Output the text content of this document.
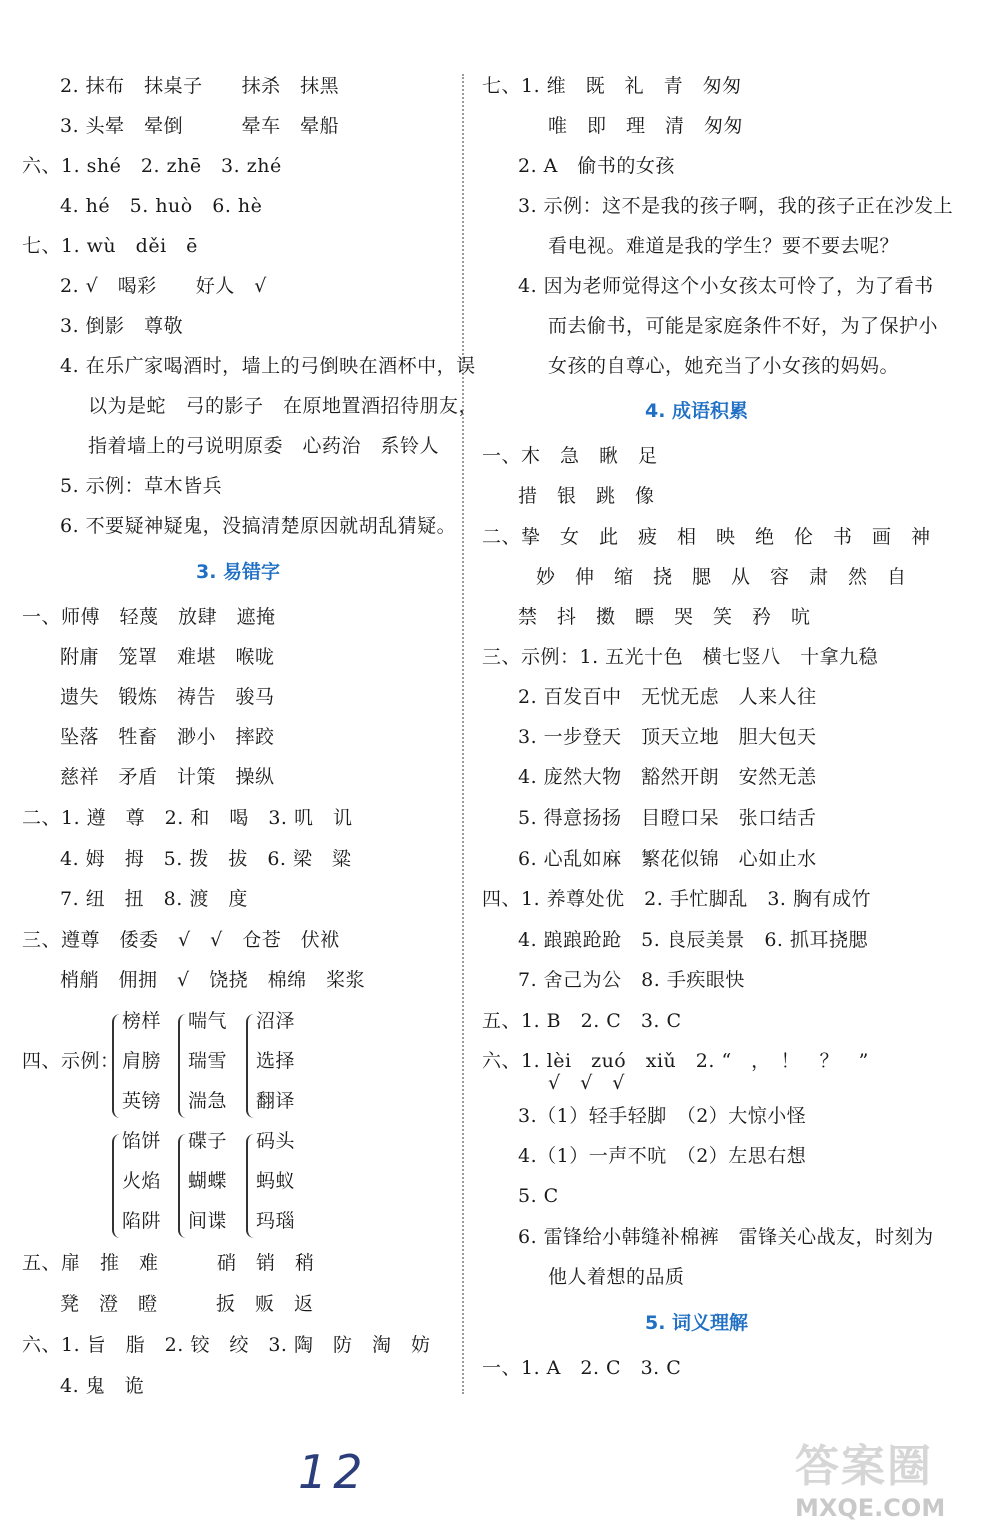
2. 抹布　抹桌子　　抹杀　抹黑
3. 头晕　晕倒　　　晕车　晕船
六、1. shé　2. zhē　3. zhé
4. hé　5. huò　6. hè
七、1. wù　děi　ē
2. √　喝彩　　好人　√
3. 倒影　尊敬
4. 在乐广家喝酒时，墙上的弓倒映在酒杯中，误
以为是蛇　弓的影子　在原地置酒招待朋友，
指着墙上的弓说明原委　心药治　系铃人
5. 示例：草木皆兵
6. 不要疑神疑鬼，没搞清楚原因就胡乱猜疑。
3. 易错字
一、师傅　轻蔑　放肆　遮掩
附庸　笼罩　难堪　喉咙
遗失　锻炼　祷告　骏马
坠落　牲畜　渺小　摔跤
慈祥　矛盾　计策　操纵
二、1. 遵　尊　2. 和　喝　3. 叽　讥
4. 姆　拇　5. 拨　拔　6. 梁　粱
7. 纽　扭　8. 渡　度
三、遵尊　倭委　√　√　仓苍　伏袱
梢艄　佣拥　√　饶挠　棉绵　桨浆
四、示例：
榜样
肩膀
英镑
喘气
瑞雪
湍急
沼泽
选择
翻译
馅饼
火焰
陷阱
碟子
蝴蝶
间谍
码头
蚂蚁
玛瑙
五、扉　推　难　　　硝　销　稍
凳　澄　瞪　　　扳　贩　返
六、1. 旨　脂　2. 铰　绞　3. 陶　防　淘　妨
4. 鬼　诡
七、1. 维　既　礼　青　匆匆
唯　即　理　清　匆匆
2. A　偷书的女孩
3. 示例：这不是我的孩子啊，我的孩子正在沙发上
看电视。难道是我的学生？要不要去呢？
4. 因为老师觉得这个小女孩太可怜了，为了看书
而去偷书，可能是家庭条件不好，为了保护小
女孩的自尊心，她充当了小女孩的妈妈。
4. 成语积累
一、木　急　瞅　足
措　银　跳　像
二、挚　女　此　疲　相　映　绝　伦　书　画　神
妙　伸　缩　挠　腮　从　容　肃　然　自
禁　抖　擞　瞟　哭　笑　矜　吭
三、示例：1. 五光十色　横七竖八　十拿九稳
2. 百发百中　无忧无虑　人来人往
3. 一步登天　顶天立地　胆大包天
4. 庞然大物　豁然开朗　安然无恙
5. 得意扬扬　目瞪口呆　张口结舌
6. 心乱如麻　繁花似锦　心如止水
四、1. 养尊处优　2. 手忙脚乱　3. 胸有成竹
4. 踉踉跄跄　5. 良辰美景　6. 抓耳挠腮
7. 舍己为公　8. 手疾眼快
五、1. B　2. C　3. C
六、1. lèi　zuó　xiǔ　2. “　，　！　？　”
√　√　√
3.（1）轻手轻脚　（2）大惊小怪
4.（1）一声不吭　（2）左思右想
5. C
6. 雷锋给小韩缝补棉裤　雷锋关心战友，时刻为
他人着想的品质
5. 词义理解
一、1. A　2. C　3. C
12	答案圈
MXQE.COM
